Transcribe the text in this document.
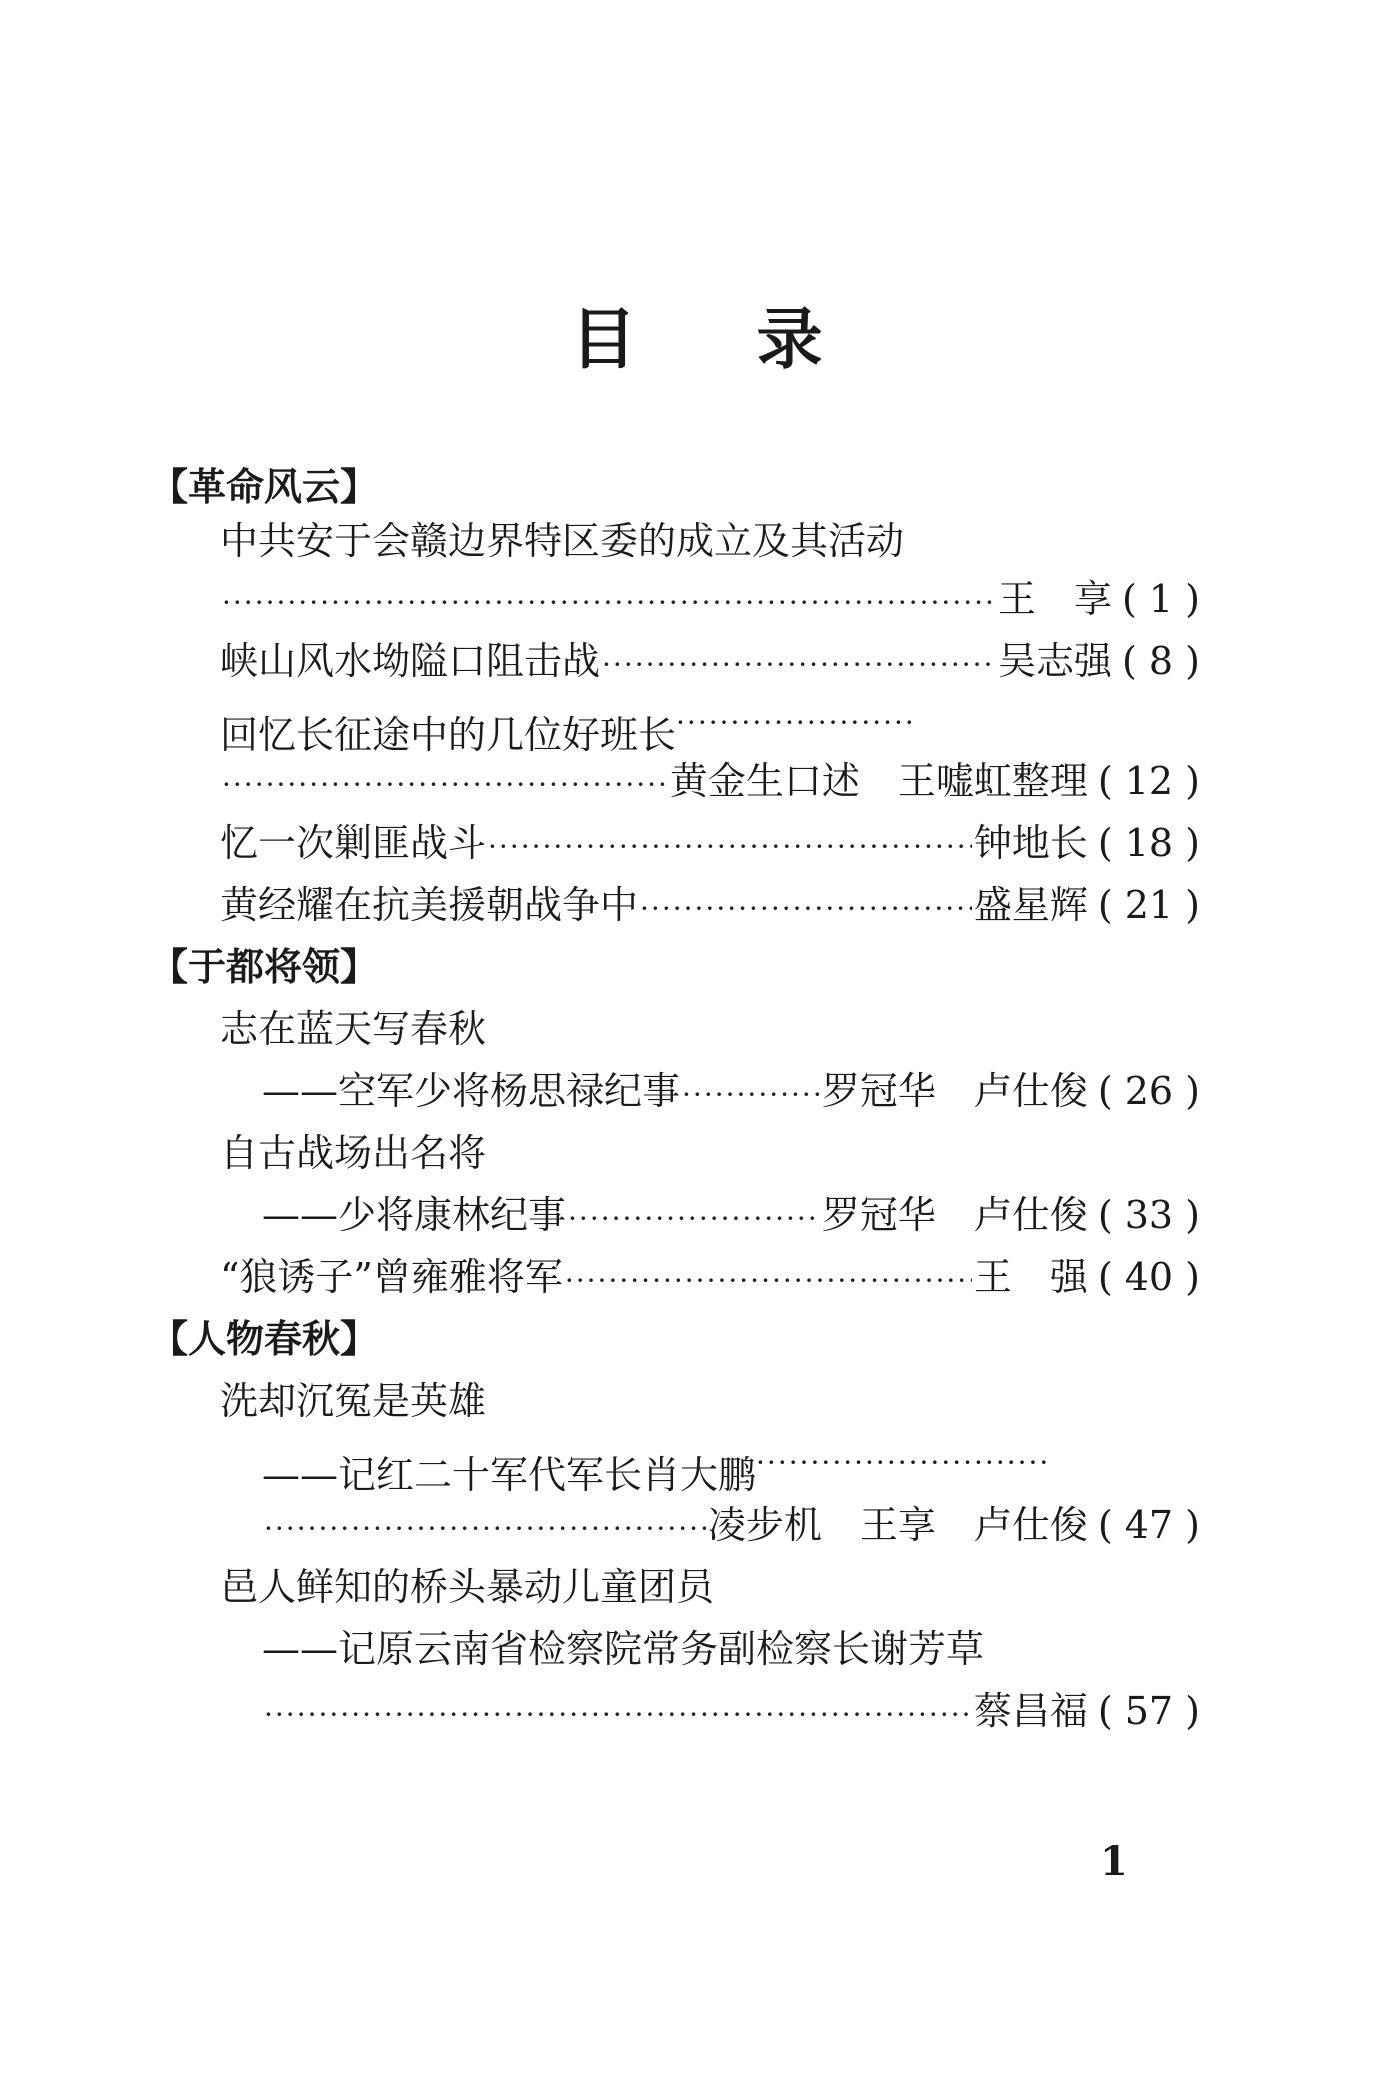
目录
【革命风云】
中共安于会赣边界特区委的成立及其活动
·····
王　享 ( 1 )
峡山风水坳隘口阻击战 ·····	吴志强 ( 8 )
回忆长征途中的几位好班长·····
·····
黄金生口述　王嘘虹整理 ( 12 )
忆一次剿匪战斗 ·····	钟地长 ( 18 )
黄经耀在抗美援朝战争中 ·····	盛星辉 ( 21 )
【于都将领】
志在蓝天写春秋
——空军少将杨思禄纪事 ·····	罗冠华　卢仕俊 ( 26 )
自古战场出名将
——少将康林纪事 ·····	罗冠华　卢仕俊 ( 33 )
“狼诱子”曾雍雅将军 ·····	王　强 ( 40 )
【人物春秋】
洗却沉冤是英雄
——记红二十军代军长肖大鹏·····
·····
凌步机　王享　卢仕俊 ( 47 )
邑人鲜知的桥头暴动儿童团员
——记原云南省检察院常务副检察长谢芳草
·····
蔡昌福 ( 57 )
1
